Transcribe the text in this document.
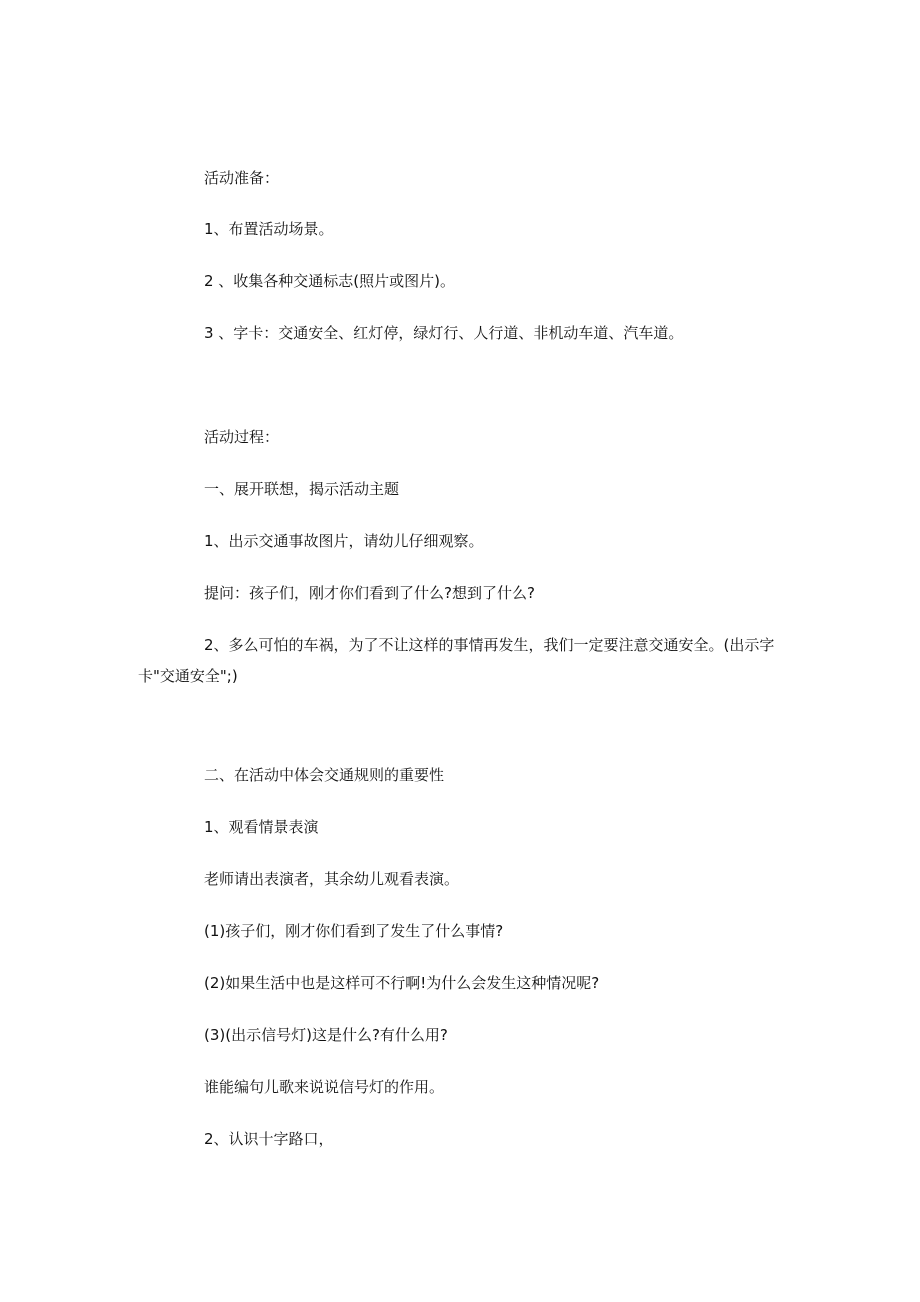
活动准备：

1、布置活动场景。

2 、收集各种交通标志(照片或图片)。

3 、字卡：交通安全、红灯停，绿灯行、人行道、非机动车道、汽车道。

活动过程：

一、展开联想，揭示活动主题

1、出示交通事故图片，请幼儿仔细观察。

提问：孩子们，刚才你们看到了什么?想到了什么?

2、多么可怕的车祸，为了不让这样的事情再发生，我们一定要注意交通安全。(出示字卡"交通安全";)

二、在活动中体会交通规则的重要性

1、观看情景表演

老师请出表演者，其余幼儿观看表演。

(1)孩子们，刚才你们看到了发生了什么事情?

(2)如果生活中也是这样可不行啊!为什么会发生这种情况呢?

(3)(出示信号灯)这是什么?有什么用?

谁能编句儿歌来说说信号灯的作用。

2、认识十字路口，
